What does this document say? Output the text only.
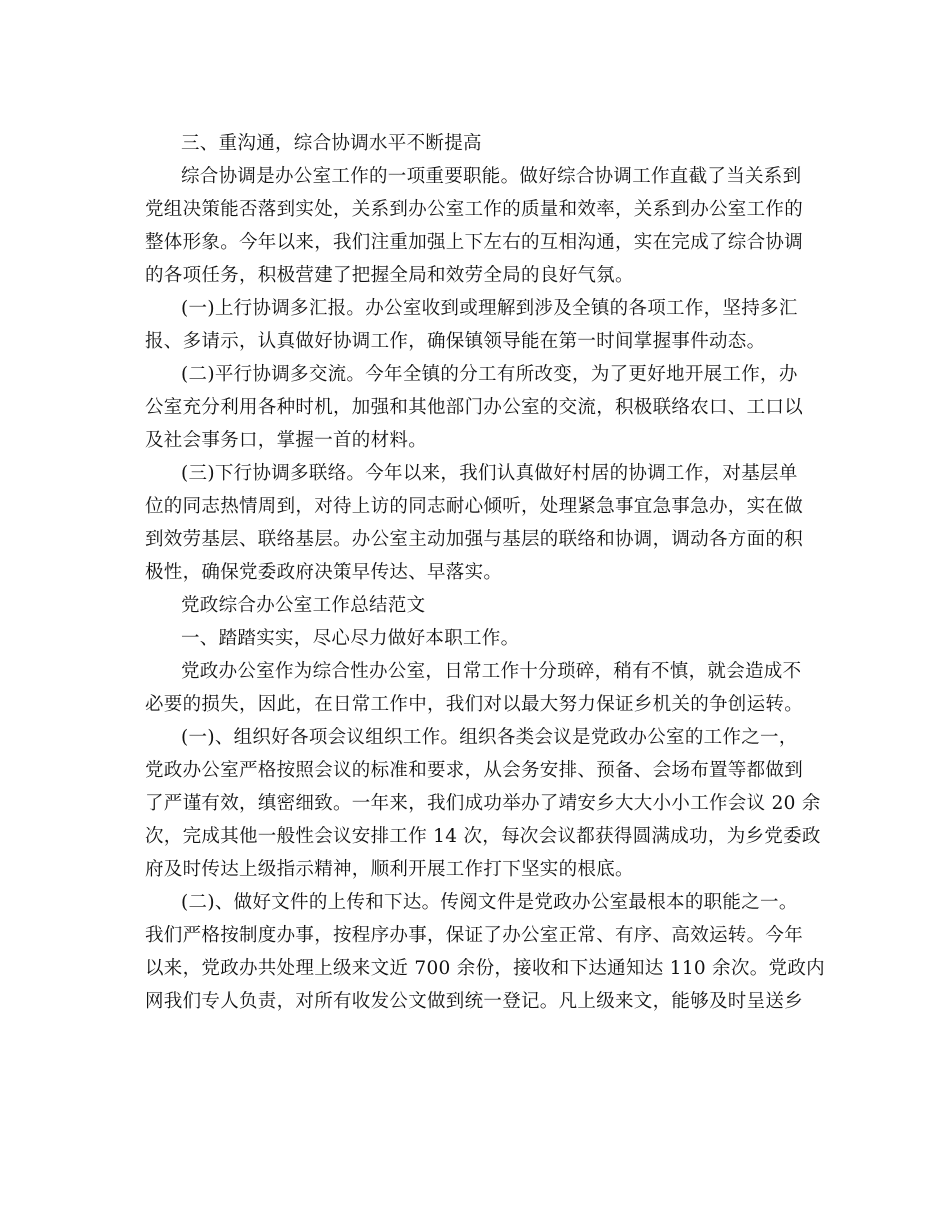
三、重沟通，综合协调水平不断提高
综合协调是办公室工作的一项重要职能。做好综合协调工作直截了当关系到
党组决策能否落到实处，关系到办公室工作的质量和效率，关系到办公室工作的
整体形象。今年以来，我们注重加强上下左右的互相沟通，实在完成了综合协调
的各项任务，积极营建了把握全局和效劳全局的良好气氛。
(一)上行协调多汇报。办公室收到或理解到涉及全镇的各项工作，坚持多汇
报、多请示，认真做好协调工作，确保镇领导能在第一时间掌握事件动态。
(二)平行协调多交流。今年全镇的分工有所改变，为了更好地开展工作，办
公室充分利用各种时机，加强和其他部门办公室的交流，积极联络农口、工口以
及社会事务口，掌握一首的材料。
(三)下行协调多联络。今年以来，我们认真做好村居的协调工作，对基层单
位的同志热情周到，对待上访的同志耐心倾听，处理紧急事宜急事急办，实在做
到效劳基层、联络基层。办公室主动加强与基层的联络和协调，调动各方面的积
极性，确保党委政府决策早传达、早落实。
党政综合办公室工作总结范文
一、踏踏实实，尽心尽力做好本职工作。
党政办公室作为综合性办公室，日常工作十分琐碎，稍有不慎，就会造成不
必要的损失，因此，在日常工作中，我们对以最大努力保证乡机关的争创运转。
(一)、组织好各项会议组织工作。组织各类会议是党政办公室的工作之一，
党政办公室严格按照会议的标准和要求，从会务安排、预备、会场布置等都做到
了严谨有效，缜密细致。一年来，我们成功举办了靖安乡大大小小工作会议 20 余
次，完成其他一般性会议安排工作 14 次，每次会议都获得圆满成功，为乡党委政
府及时传达上级指示精神，顺利开展工作打下坚实的根底。
(二)、做好文件的上传和下达。传阅文件是党政办公室最根本的职能之一。
我们严格按制度办事，按程序办事，保证了办公室正常、有序、高效运转。今年
以来，党政办共处理上级来文近 700 余份，接收和下达通知达 110 余次。党政内
网我们专人负责，对所有收发公文做到统一登记。凡上级来文，能够及时呈送乡
